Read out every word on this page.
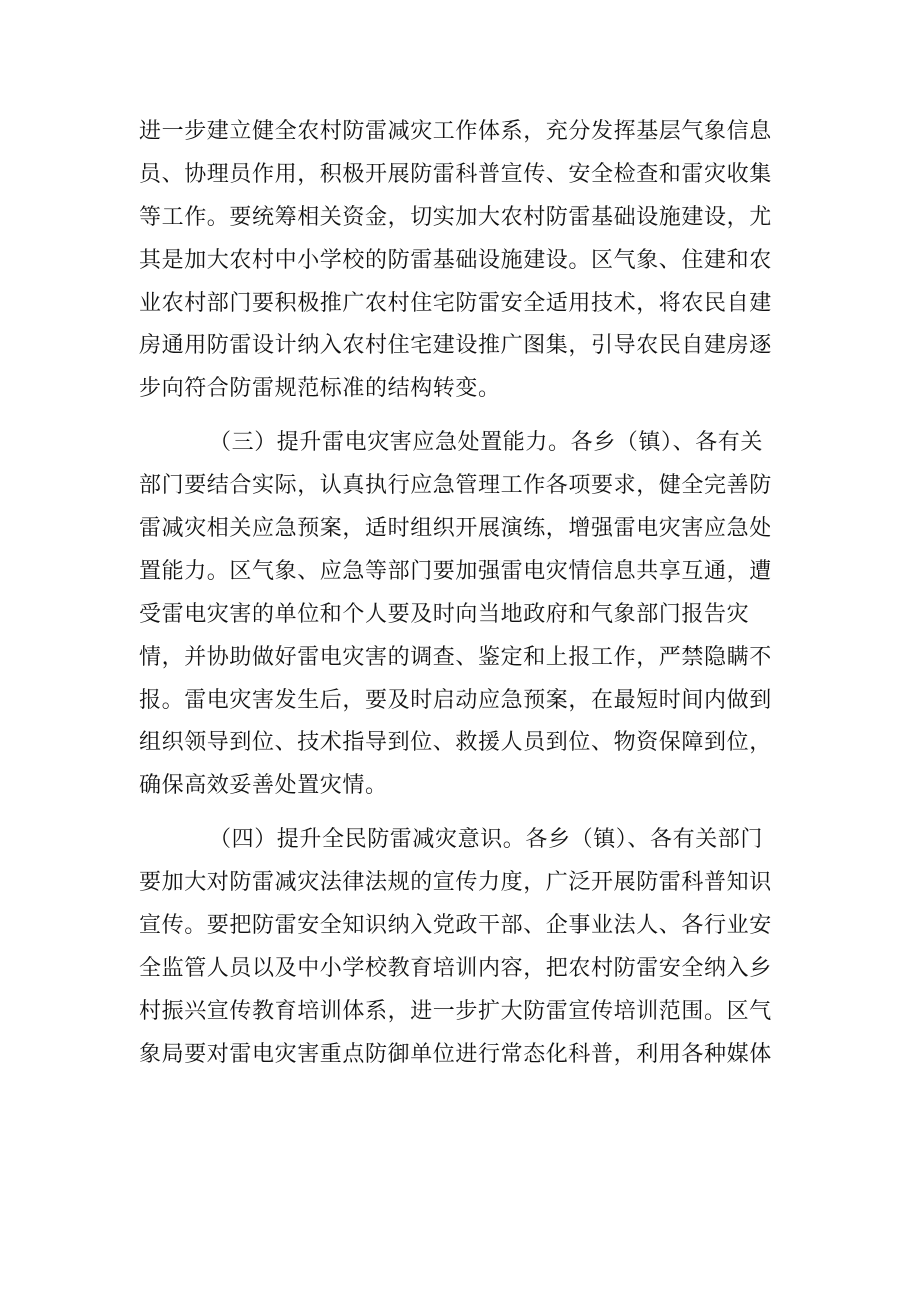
进一步建立健全农村防雷减灾工作体系，充分发挥基层气象信息
员、协理员作用，积极开展防雷科普宣传、安全检查和雷灾收集
等工作。要统筹相关资金，切实加大农村防雷基础设施建设，尤
其是加大农村中小学校的防雷基础设施建设。区气象、住建和农
业农村部门要积极推广农村住宅防雷安全适用技术，将农民自建
房通用防雷设计纳入农村住宅建设推广图集，引导农民自建房逐
步向符合防雷规范标准的结构转变。
（三）提升雷电灾害应急处置能力。各乡（镇）、各有关
部门要结合实际，认真执行应急管理工作各项要求，健全完善防
雷减灾相关应急预案，适时组织开展演练，增强雷电灾害应急处
置能力。区气象、应急等部门要加强雷电灾情信息共享互通，遭
受雷电灾害的单位和个人要及时向当地政府和气象部门报告灾
情，并协助做好雷电灾害的调查、鉴定和上报工作，严禁隐瞒不
报。雷电灾害发生后，要及时启动应急预案，在最短时间内做到
组织领导到位、技术指导到位、救援人员到位、物资保障到位，
确保高效妥善处置灾情。
（四）提升全民防雷减灾意识。各乡（镇）、各有关部门
要加大对防雷减灾法律法规的宣传力度，广泛开展防雷科普知识
宣传。要把防雷安全知识纳入党政干部、企事业法人、各行业安
全监管人员以及中小学校教育培训内容，把农村防雷安全纳入乡
村振兴宣传教育培训体系，进一步扩大防雷宣传培训范围。区气
象局要对雷电灾害重点防御单位进行常态化科普，利用各种媒体
